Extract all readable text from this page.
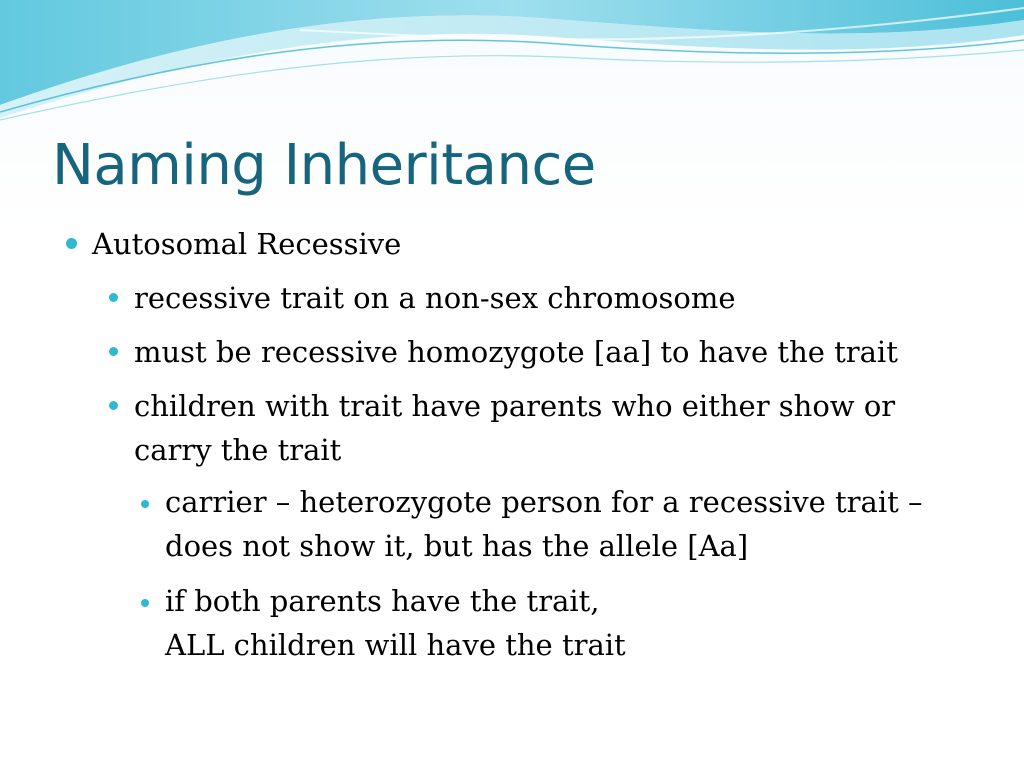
Naming Inheritance
Autosomal Recessive
recessive trait on a non-sex chromosome
must be recessive homozygote [aa] to have the trait
children with trait have parents who either show or
carry the trait
carrier – heterozygote person for a recessive trait –
does not show it, but has the allele [Aa]
if both parents have the trait,
ALL children will have the trait
